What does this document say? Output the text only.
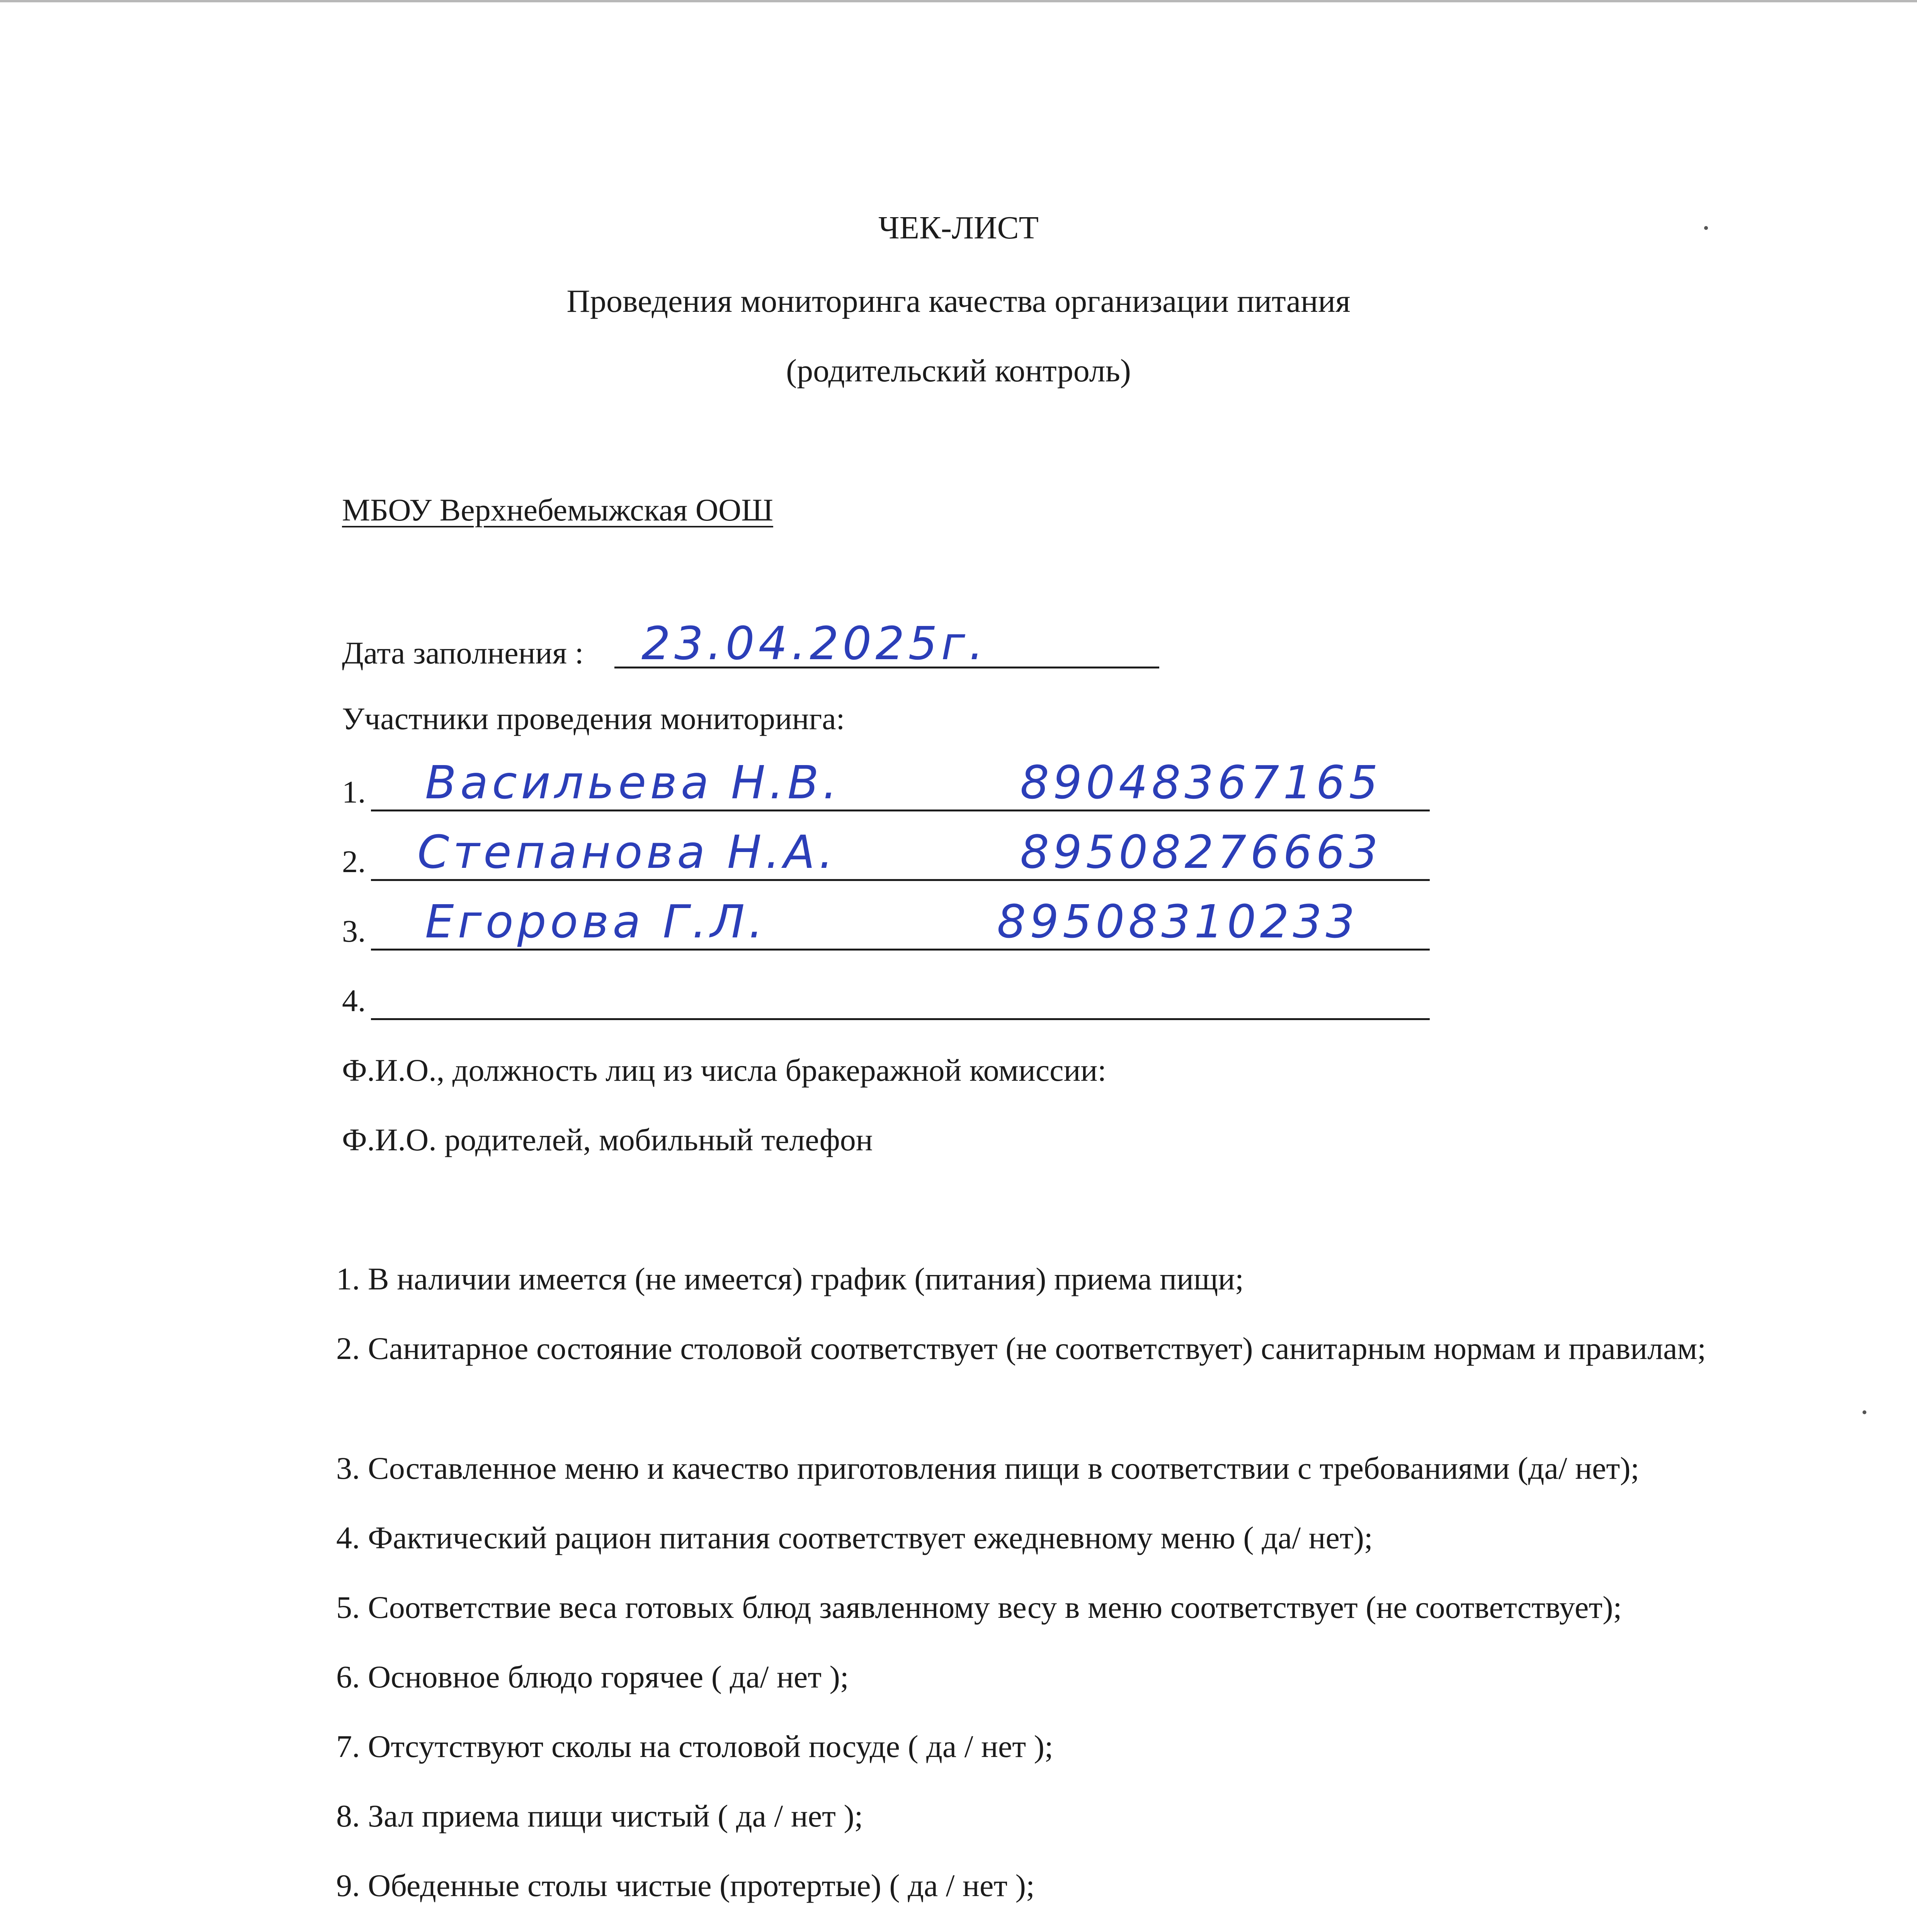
ЧЕК-ЛИСТ
Проведения мониторинга качества организации питания
(родительский контроль)
МБОУ Верхнебемыжская ООШ
Дата заполнения : 23.04.2025г.
Участники проведения мониторинга:
1. Васильева Н.В.	89048367165
2. Степанова Н.А.	89508276663
3. Егорова Г.Л.	89508310233
4.
Ф.И.О., должность лиц из числа бракеражной комиссии:
Ф.И.О. родителей, мобильный телефон
1. В наличии имеется (не имеется) график (питания) приема пищи;
2. Санитарное состояние столовой соответствует (не соответствует) санитарным нормам и правилам;
3. Составленное меню и качество приготовления пищи в соответствии с требованиями (да/ нет);
4. Фактический рацион питания соответствует ежедневному меню ( да/ нет);
5. Соответствие веса готовых блюд заявленному весу в меню соответствует (не соответствует);
6. Основное блюдо горячее ( да/ нет );
7. Отсутствуют сколы на столовой посуде ( да / нет );
8. Зал приема пищи чистый ( да / нет );
9. Обеденные столы чистые (протертые) ( да / нет );
